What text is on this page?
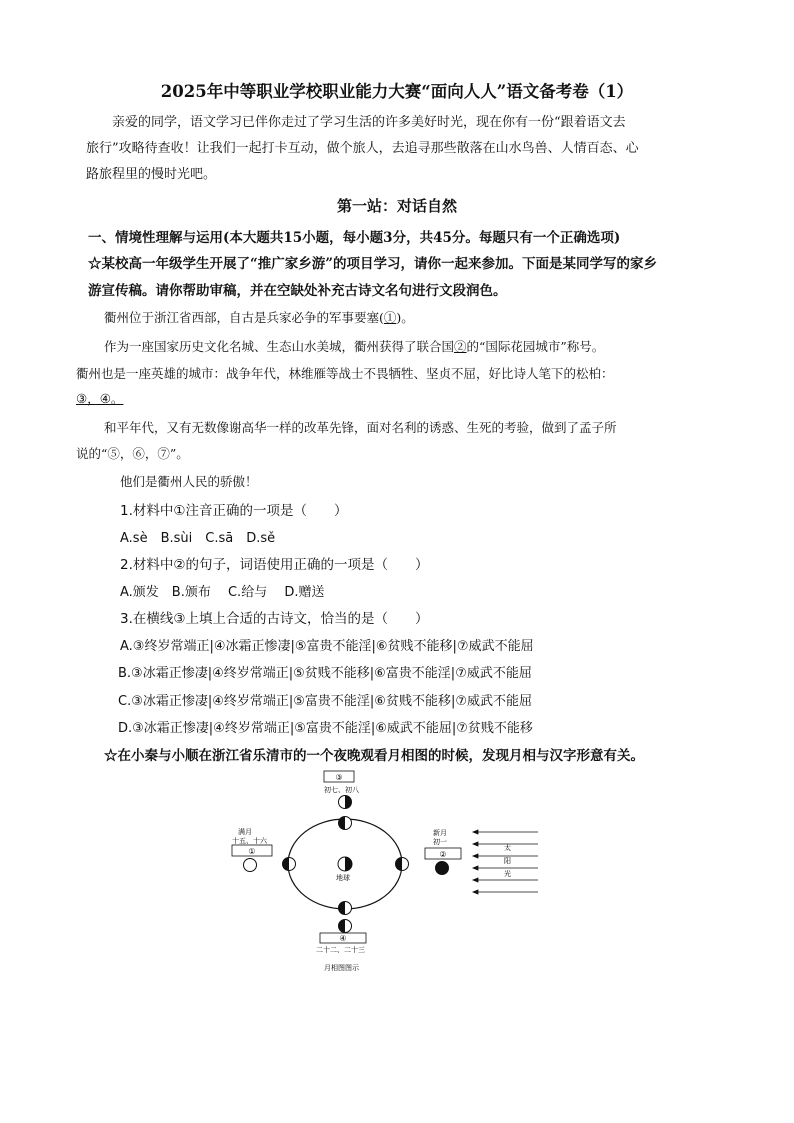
2025年中等职业学校职业能力大赛“面向人人”语文备考卷（1）

亲爱的同学，语文学习已伴你走过了学习生活的许多美好时光，现在你有一份“跟着语文去

旅行”攻略待查收！让我们一起打卡互动，做个旅人，去追寻那些散落在山水鸟兽、人情百态、心

路旅程里的慢时光吧。

第一站：对话自然
一、情境性理解与运用(本大题共15小题，每小题3分，共45分。每题只有一个正确选项)
☆某校高一年级学生开展了“推广家乡游”的项目学习，请你一起来参加。下面是某同学写的家乡
游宣传稿。请你帮助审稿，并在空缺处补充古诗文名句进行文段润色。
衢州位于浙江省西部，自古是兵家必争的军事要塞(①)。
作为一座国家历史文化名城、生态山水美城，衢州获得了联合国②的“国际花园城市”称号。
衢州也是一座英雄的城市：战争年代，林维雁等战士不畏牺牲、坚贞不屈，好比诗人笔下的松柏：
③，④。
和平年代，又有无数像谢高华一样的改革先锋，面对名利的诱惑、生死的考验，做到了孟子所
说的“⑤，⑥，⑦”。
他们是衢州人民的骄傲！
1.材料中①注音正确的一项是（　　）
A.sè　B.sùi　C.sā　D.sě
2.材料中②的句子，词语使用正确的一项是（　　）
A.颁发　B.颁布　 C.给与　 D.赠送
3.在横线③上填上合适的古诗文，恰当的是（　　）
A.③终岁常端正|④冰霜正惨凄|⑤富贵不能淫|⑥贫贱不能移|⑦威武不能屈
B.③冰霜正惨凄|④终岁常端正|⑤贫贱不能移|⑥富贵不能淫|⑦威武不能屈
C.③冰霜正惨凄|④终岁常端正|⑤富贵不能淫|⑥贫贱不能移|⑦威武不能屈
D.③冰霜正惨凄|④终岁常端正|⑤富贵不能淫|⑥威武不能屈|⑦贫贱不能移
☆在小秦与小顺在浙江省乐清市的一个夜晚观看月相图的时候，发现月相与汉字形意有关。
地球
③
初七、初八
满月
十五、十六
①
新月
初一
②
④
二十二、二十三
月相图图示
太
阳
光
